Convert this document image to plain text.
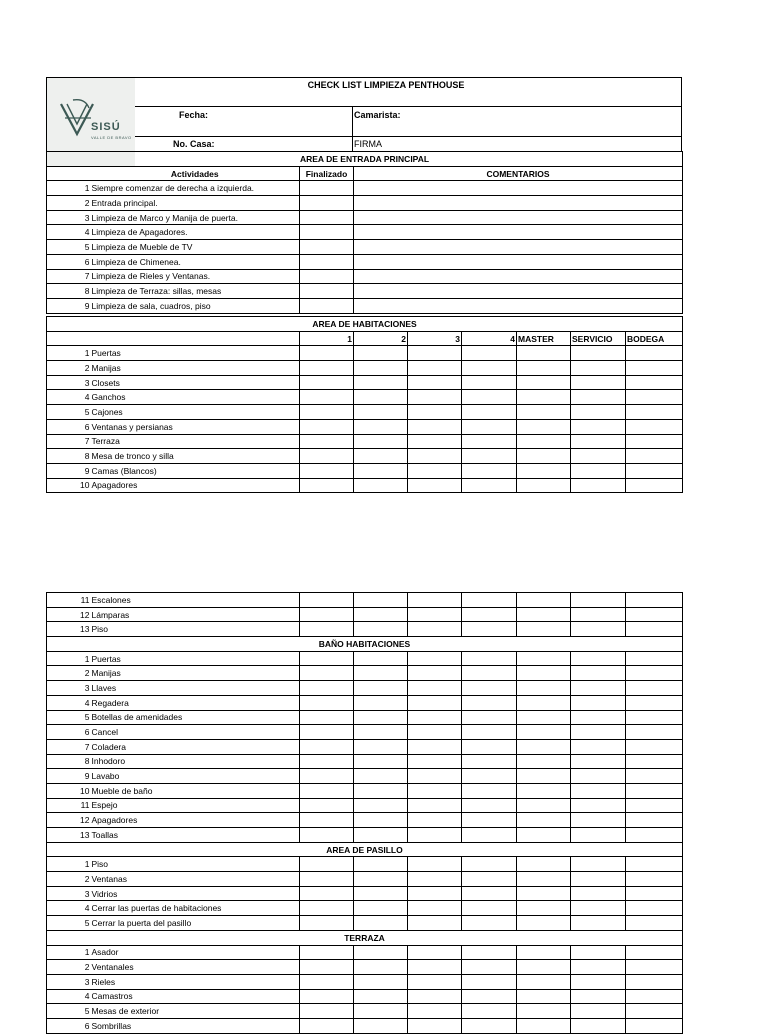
SISÚ
VALLE DE BRAVO
CHECK LIST LIMPIEZA PENTHOUSE
Fecha:	Camarista:
No. Casa:	FIRMA
AREA DE ENTRADA PRINCIPAL			
	Actividades	Finalizado	COMENTARIOS
1	Siempre comenzar de derecha a izquierda.		
2	Entrada principal.		
3	Limpieza de Marco y Manija de puerta.		
4	Limpieza de Apagadores.		
5	Limpieza de Mueble de TV		
6	Limpieza de Chimenea.		
7	Limpieza de Rieles y Ventanas.		
8	Limpieza de Terraza: sillas, mesas		
9	Limpieza de sala, cuadros, piso		
AREA DE HABITACIONES								
		1	2	3	4	MASTER	SERVICIO	BODEGA
1	Puertas							
2	Manijas							
3	Closets							
4	Ganchos							
5	Cajones							
6	Ventanas y persianas							
7	Terraza							
8	Mesa de tronco y silla							
9	Camas (Blancos)							
10	Apagadores							
11	Escalones							
12	Lámparas							
13	Piso							
BAÑO HABITACIONES								
1	Puertas							
2	Manijas							
3	Llaves							
4	Regadera							
5	Botellas de amenidades							
6	Cancel							
7	Coladera							
8	Inhodoro							
9	Lavabo							
10	Mueble de baño							
11	Espejo							
12	Apagadores							
13	Toallas							
AREA DE PASILLO								
1	Piso							
2	Ventanas							
3	Vidrios							
4	Cerrar las puertas de habitaciones							
5	Cerrar la puerta del pasillo							
TERRAZA								
1	Asador							
2	Ventanales							
3	Rieles							
4	Camastros							
5	Mesas de exterior							
6	Sombrillas							
